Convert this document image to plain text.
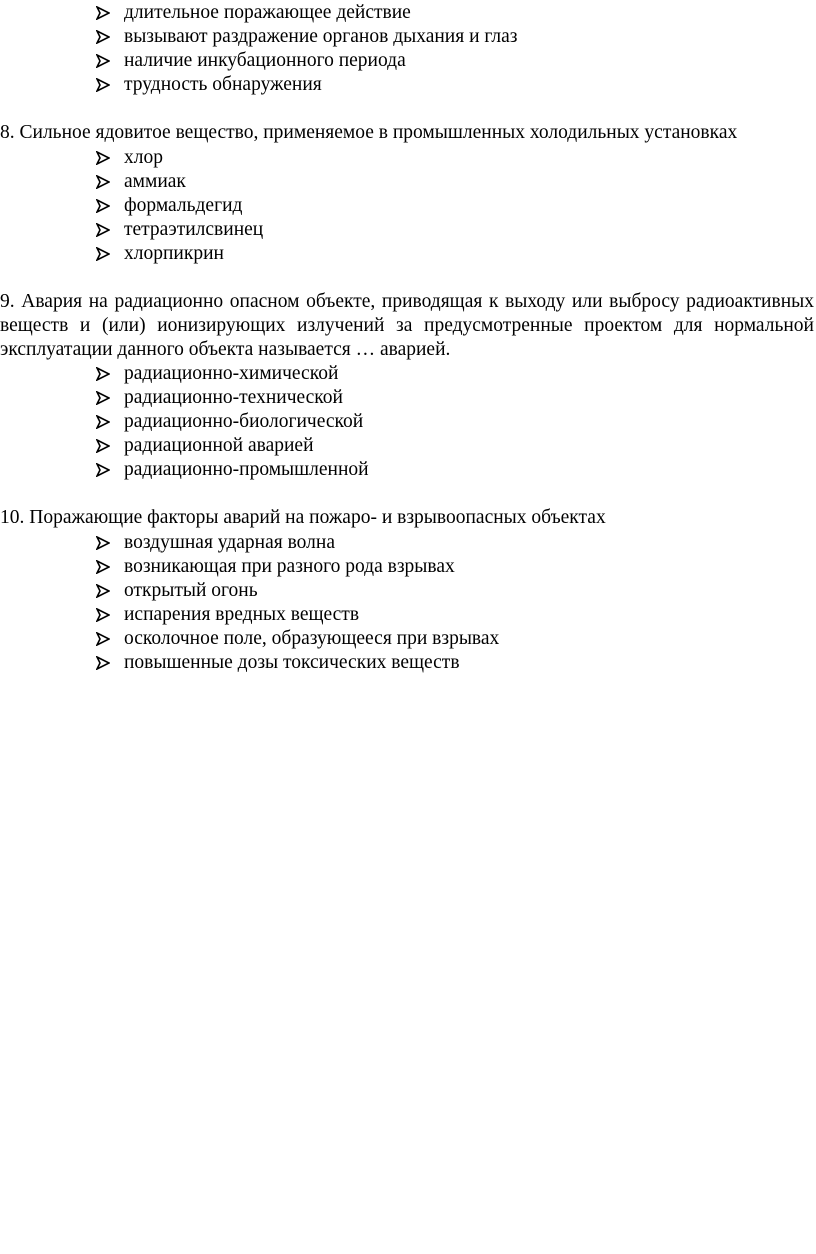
длительное поражающее действие
вызывают раздражение органов дыхания и глаз
наличие инкубационного периода
трудность обнаружения

8. Сильное ядовитое вещество, применяемое в промышленных холодильных установках

хлор
аммиак
формальдегид
тетраэтилсвинец
хлорпикрин

9. Авария на радиационно опасном объекте, приводящая к выходу или выбросу радиоактивных веществ и (или) ионизирующих излучений за предусмотренные проектом для нормальной эксплуатации данного объекта называется … аварией.

радиационно-химической
радиационно-технической
радиационно-биологической
радиационной аварией
радиационно-промышленной

10. Поражающие факторы аварий на пожаро- и взрывоопасных объектах

воздушная ударная волна
возникающая при разного рода взрывах
открытый огонь
испарения вредных веществ
осколочное поле, образующееся при взрывах
повышенные дозы токсических веществ
